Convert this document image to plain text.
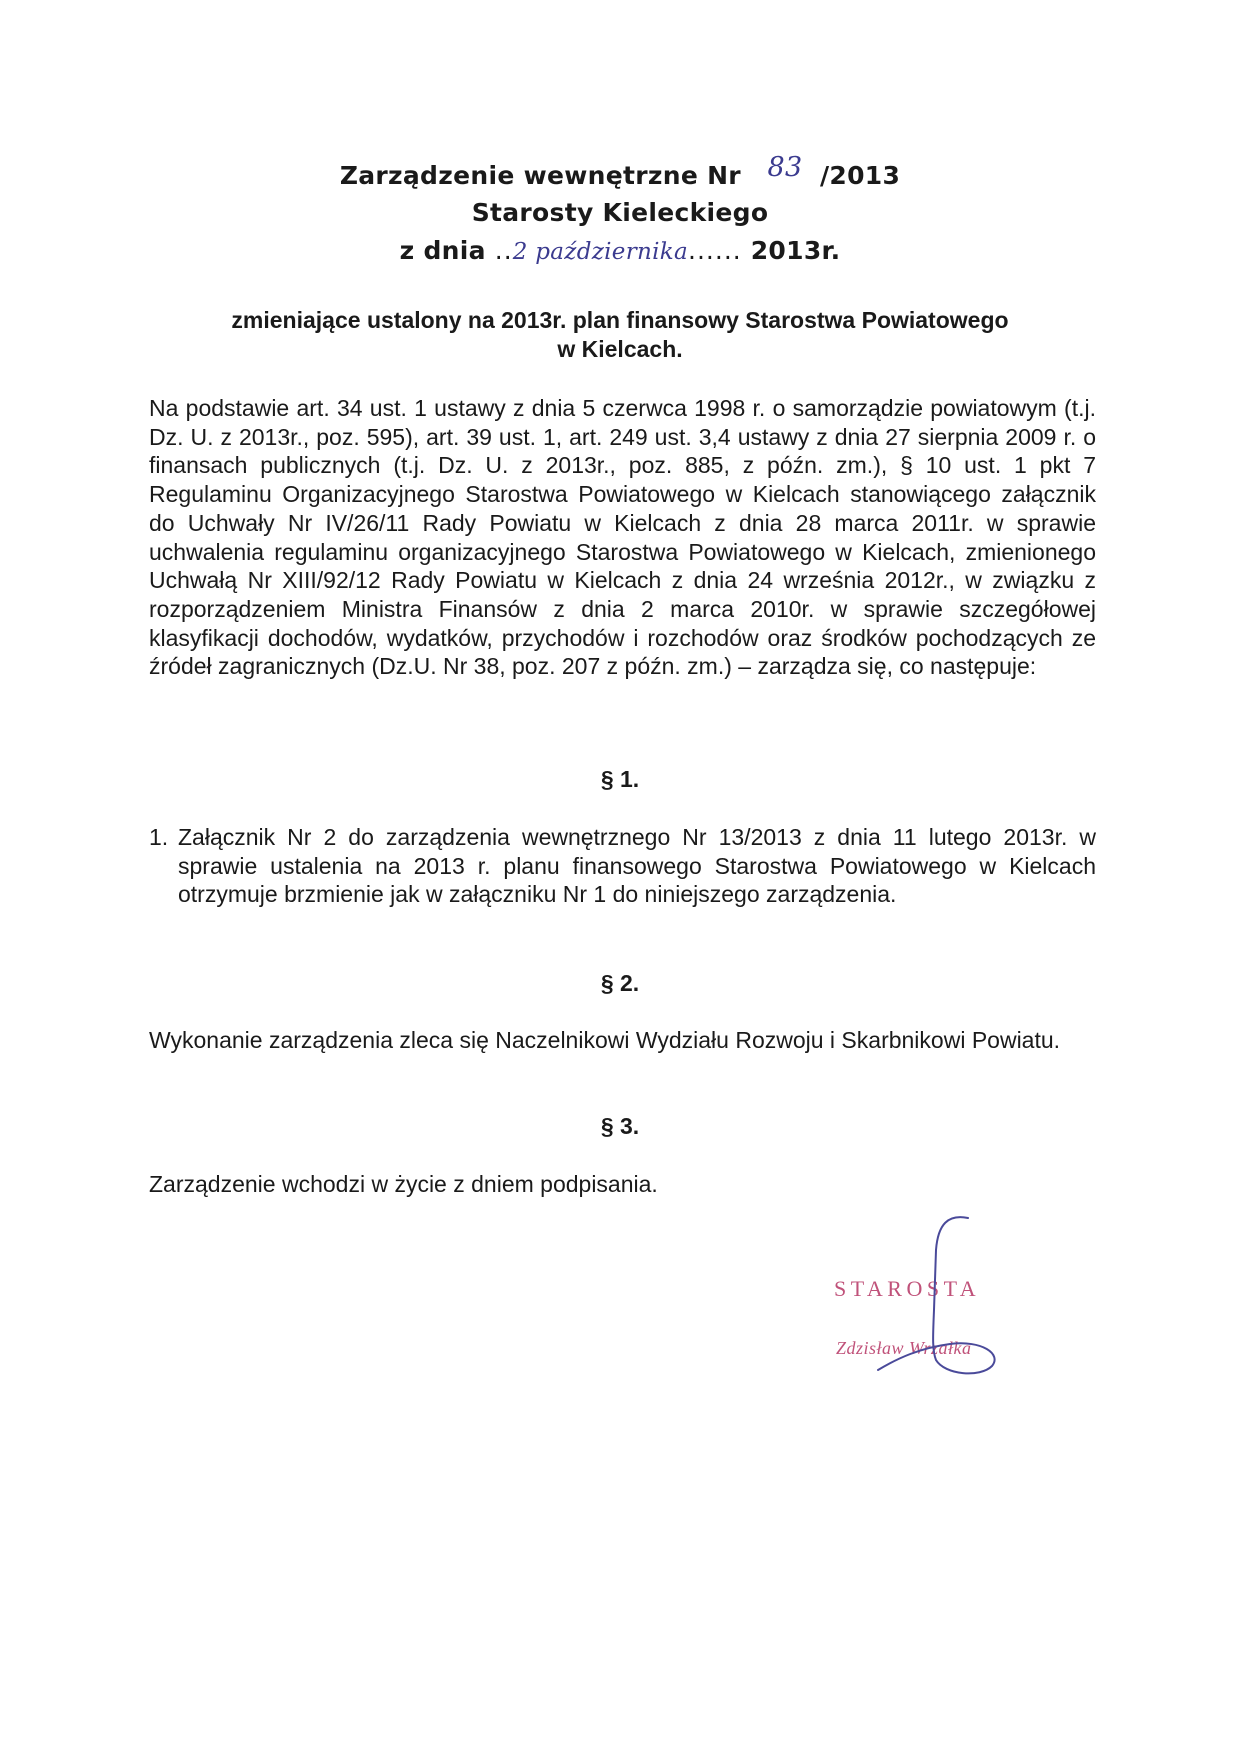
Zarządzenie wewnętrzne Nr 83 /2013
Starosty Kieleckiego
z dnia ..2 października...... 2013r.
zmieniające ustalony na 2013r. plan finansowy Starostwa Powiatowego
w Kielcach.
Na podstawie art. 34 ust. 1 ustawy z dnia 5 czerwca 1998 r. o samorządzie powiatowym (t.j. Dz. U. z 2013r., poz. 595), art. 39 ust. 1, art. 249 ust. 3,4 ustawy z dnia 27 sierpnia 2009 r. o finansach publicznych (t.j. Dz. U. z 2013r., poz. 885, z późn. zm.), § 10 ust. 1 pkt 7 Regulaminu Organizacyjnego Starostwa Powiatowego w Kielcach stanowiącego załącznik do Uchwały Nr IV/26/11 Rady Powiatu w Kielcach z dnia 28 marca 2011r. w sprawie uchwalenia regulaminu organizacyjnego Starostwa Powiatowego w Kielcach, zmienionego Uchwałą Nr XIII/92/12 Rady Powiatu w Kielcach z dnia 24 września 2012r., w związku z rozporządzeniem Ministra Finansów z dnia 2 marca 2010r. w sprawie szczegółowej klasyfikacji dochodów, wydatków, przychodów i rozchodów oraz środków pochodzących ze źródeł zagranicznych (Dz.U. Nr 38, poz. 207 z późn. zm.) – zarządza się, co następuje:
§ 1.
1. Załącznik Nr 2 do zarządzenia wewnętrznego Nr 13/2013 z dnia 11 lutego 2013r. w sprawie ustalenia na 2013 r. planu finansowego Starostwa Powiatowego w Kielcach otrzymuje brzmienie jak w załączniku Nr 1 do niniejszego zarządzenia.
§ 2.
Wykonanie zarządzenia zleca się Naczelnikowi Wydziału Rozwoju i Skarbnikowi Powiatu.
§ 3.
Zarządzenie wchodzi w życie z dniem podpisania.
STAROSTA
Zdzisław Wrzałka
